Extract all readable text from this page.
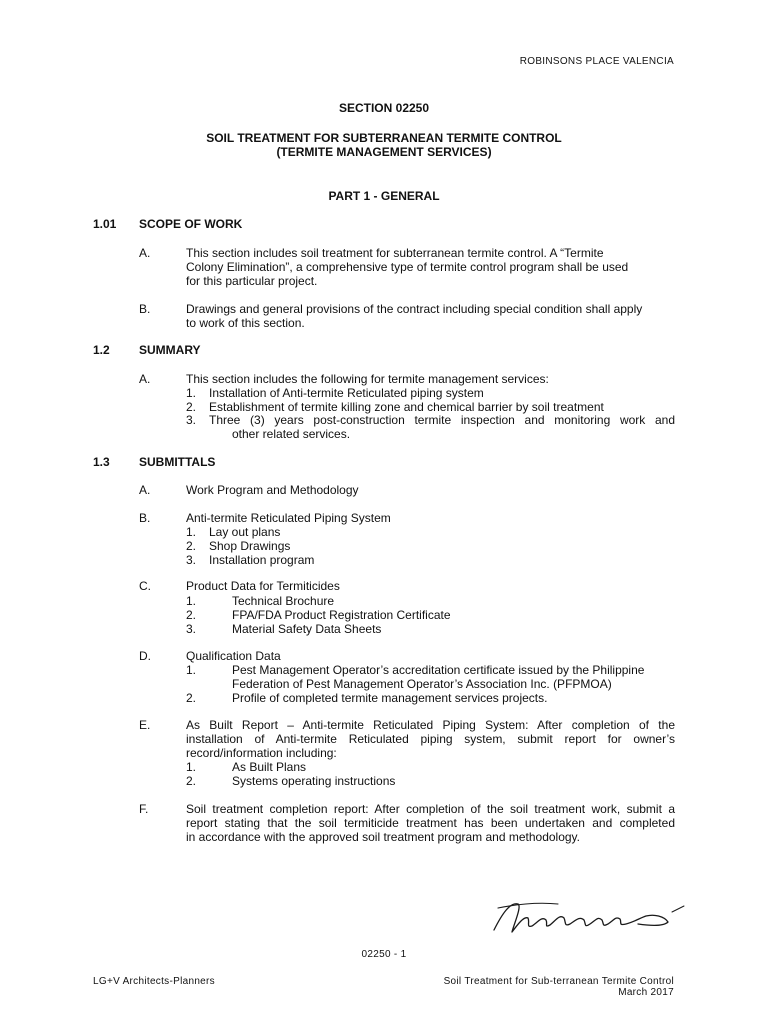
ROBINSONS PLACE VALENCIA
SECTION 02250
SOIL TREATMENT FOR SUBTERRANEAN TERMITE CONTROL
(TERMITE MANAGEMENT SERVICES)
PART 1 - GENERAL
1.01 SCOPE OF WORK
A.	This section includes soil treatment for subterranean termite control. A “Termite
Colony Elimination”, a comprehensive type of termite control program shall be used
for this particular project.
B.	Drawings and general provisions of the contract including special condition shall apply
to work of this section.
1.2 SUMMARY
A.	This section includes the following for termite management services:
1. Installation of Anti-termite Reticulated piping system
2. Establishment of termite killing zone and chemical barrier by soil treatment
3. Three (3) years post-construction termite inspection and monitoring work and
other related services.
1.3 SUBMITTALS
A.	Work Program and Methodology
B.	Anti-termite Reticulated Piping System
1. Lay out plans
2. Shop Drawings
3. Installation program
C.	Product Data for Termiticides
1.	Technical Brochure
2.	FPA/FDA Product Registration Certificate
3.	Material Safety Data Sheets
D.	Qualification Data
1.	Pest Management Operator’s accreditation certificate issued by the Philippine
Federation of Pest Management Operator’s Association Inc. (PFPMOA)
2.	Profile of completed termite management services projects.
E.	As Built Report – Anti-termite Reticulated Piping System: After completion of the
installation of Anti-termite Reticulated piping system, submit report for owner’s
record/information including:
1.	As Built Plans
2.	Systems operating instructions
F.	Soil treatment completion report: After completion of the soil treatment work, submit a
report stating that the soil termiticide treatment has been undertaken and completed
in accordance with the approved soil treatment program and methodology.
02250 - 1
LG+V Architects-Planners	Soil Treatment for Sub-terranean Termite Control
March 2017
